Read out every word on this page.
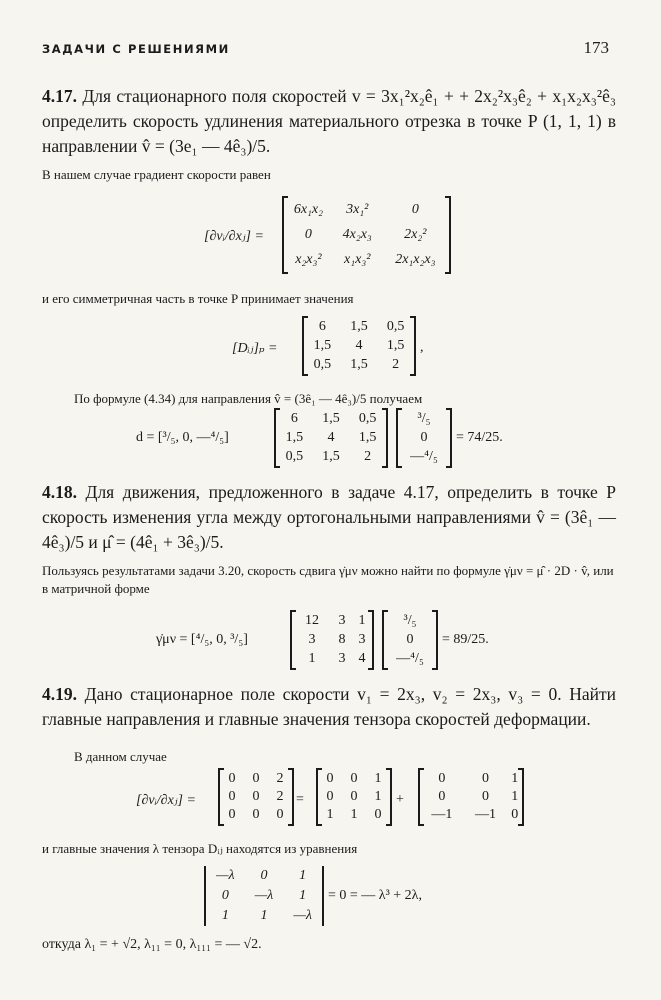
ЗАДАЧИ С РЕШЕНИЯМИ	173
4.17. Для стационарного поля скоростей v = 3x₁²x₂ê₁ + + 2x₂²x₃ê₂ + x₁x₂x₃²ê₃ определить скорость удлинения материального отрезка в точке P (1, 1, 1) в направлении v̂ = (3e₁ — 4ê₃)/5.
В нашем случае градиент скорости равен
[∂vᵢ/∂xⱼ] =
6x₁x₂	3x₁²	0
0	4x₂x₃	2x₂²
x₂x₃²	x₁x₃²	2x₁x₂x₃
и его симметричная часть в точке P принимает значения
[Dᵢⱼ]ₚ =
6	1,5	0,5
1,5	4	1,5
0,5	1,5	2
,
По формуле (4.34) для направления v̂ = (3ê₁ — 4ê₃)/5 получаем
d = [³/₅, 0, —⁴/₅]
6	1,5	0,5
1,5	4	1,5
0,5	1,5	2
³/₅
0
—⁴/₅
= 74/25.
4.18. Для движения, предложенного в задаче 4.17, определить в точке P скорость изменения угла между ортогональными направлениями v̂ = (3ê₁ — 4ê₃)/5 и μ̂ = (4ê₁ + 3ê₃)/5.
Пользуясь результатами задачи 3.20, скорость сдвига γ̇μν можно найти по формуле γ̇μν = μ̂ · 2D · v̂, или в матричной форме
γ̇μν = [⁴/₅, 0, ³/₅]
12	3	1
3	8	3
1	3	4
³/₅
0
—⁴/₅
= 89/25.
4.19. Дано стационарное поле скорости v₁ = 2x₃, v₂ = 2x₃, v₃ = 0. Найти главные направления и главные значения тензора скоростей деформации.
В данном случае
[∂vᵢ/∂xⱼ] =
0	0	2
0	0	2
0	0	0
=
0	0	1
0	0	1
1	1	0
+
0	0	1
0	0	1
—1	—1	0
и главные значения λ тензора Dᵢⱼ находятся из уравнения
—λ	0	1
0	—λ	1
1	1	—λ
= 0 = — λ³ + 2λ,
откуда λ₁ = + √2, λ₁₁ = 0, λ₁₁₁ = — √2.
